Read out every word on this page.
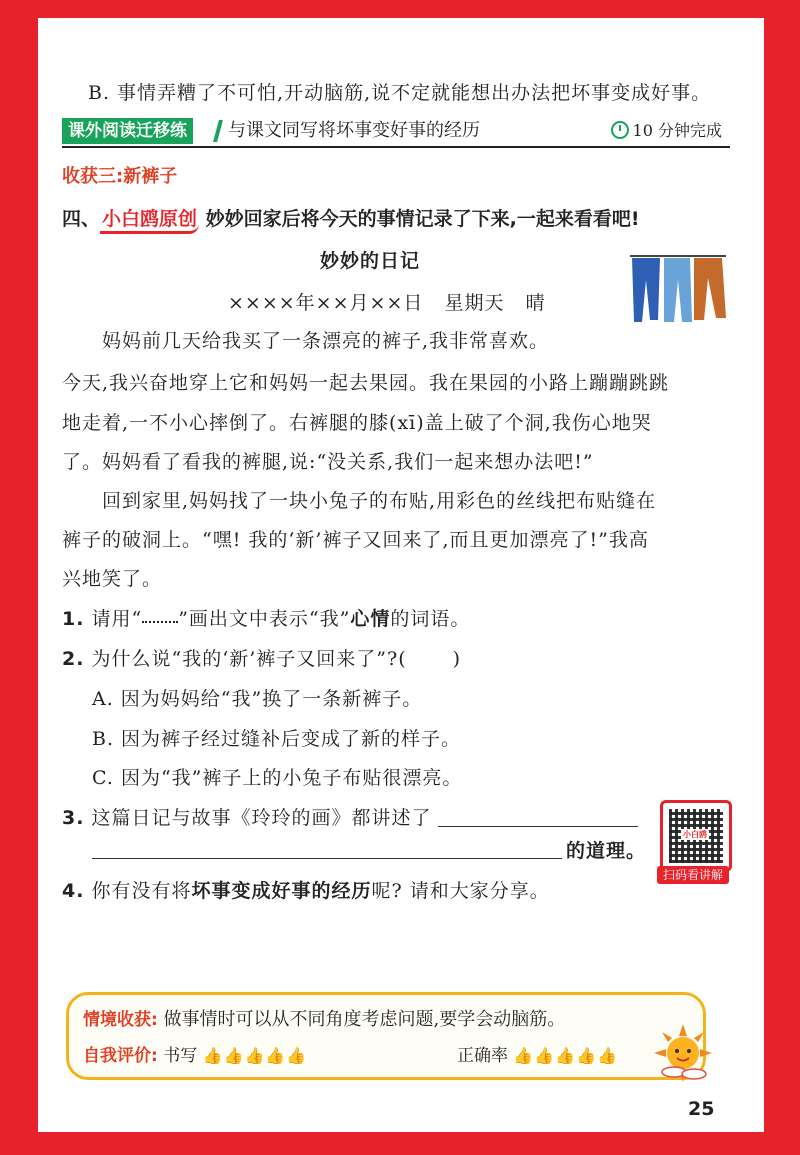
B. 事情弄糟了不可怕,开动脑筋,说不定就能想出办法把坏事变成好事。
课外阅读迁移练	与课文同写将坏事变好事的经历	10 分钟完成
收获三:新裤子
四、 小白鸥原创 妙妙回家后将今天的事情记录了下来,一起来看看吧!
妙妙的日记
××××年××月××日 星期天 晴
妈妈前几天给我买了一条漂亮的裤子,我非常喜欢。
今天,我兴奋地穿上它和妈妈一起去果园。我在果园的小路上蹦蹦跳跳
地走着,一不小心摔倒了。右裤腿的膝(xī)盖上破了个洞,我伤心地哭
了。妈妈看了看我的裤腿,说:“没关系,我们一起来想办法吧!”
回到家里,妈妈找了一块小兔子的布贴,用彩色的丝线把布贴缝在
裤子的破洞上。“嘿! 我的‘新’裤子又回来了,而且更加漂亮了!”我高
兴地笑了。
1. 请用“ ”画出文中表示“我”心情的词语。
2. 为什么说“我的‘新’裤子又回来了”?( )
A. 因为妈妈给“我”换了一条新裤子。
B. 因为裤子经过缝补后变成了新的样子。
C. 因为“我”裤子上的小兔子布贴很漂亮。
3. 这篇日记与故事《玲玲的画》都讲述了
的道理。
小白鸥
扫码看讲解
4. 你有没有将坏事变成好事的经历呢? 请和大家分享。
情境收获: 做事情时可以从不同角度考虑问题,要学会动脑筋。
自我评价: 书写 👍👍👍👍👍	正确率 👍👍👍👍👍
25
